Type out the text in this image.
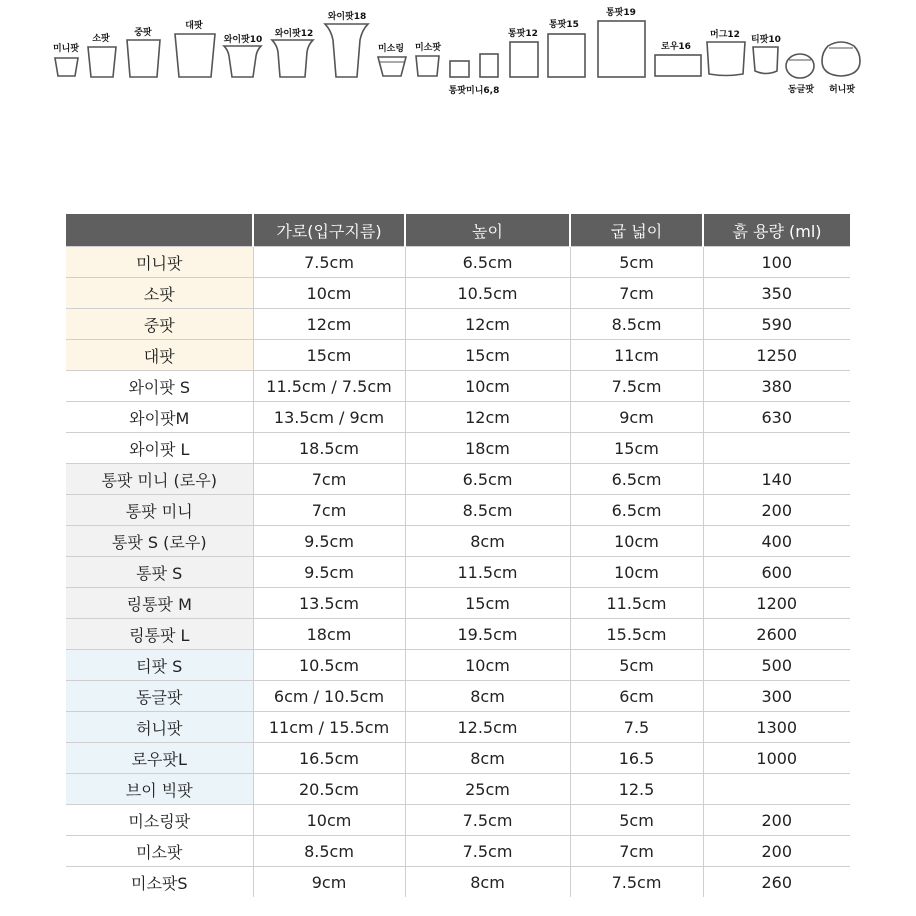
미니팟
소팟
중팟
대팟
와이팟10
와이팟12
와이팟18
미소링 미소팟
통팟미니6,8
통팟12
통팟15
통팟19
로우16
머그12 티팟10
동글팟 허니팟
	가로(입구지름)	높이	굽 넓이	흙 용량 (ml)
미니팟	7.5cm	6.5cm	5cm	100
소팟	10cm	10.5cm	7cm	350
중팟	12cm	12cm	8.5cm	590
대팟	15cm	15cm	11cm	1250
와이팟 S	11.5cm / 7.5cm	10cm	7.5cm	380
와이팟M	13.5cm / 9cm	12cm	9cm	630
와이팟 L	18.5cm	18cm	15cm	
통팟 미니 (로우)	7cm	6.5cm	6.5cm	140
통팟 미니	7cm	8.5cm	6.5cm	200
통팟 S (로우)	9.5cm	8cm	10cm	400
통팟 S	9.5cm	11.5cm	10cm	600
링통팟 M	13.5cm	15cm	11.5cm	1200
링통팟 L	18cm	19.5cm	15.5cm	2600
티팟 S	10.5cm	10cm	5cm	500
동글팟	6cm / 10.5cm	8cm	6cm	300
허니팟	11cm / 15.5cm	12.5cm	7.5	1300
로우팟L	16.5cm	8cm	16.5	1000
브이 빅팟	20.5cm	25cm	12.5	
미소링팟	10cm	7.5cm	5cm	200
미소팟	8.5cm	7.5cm	7cm	200
미소팟S	9cm	8cm	7.5cm	260
